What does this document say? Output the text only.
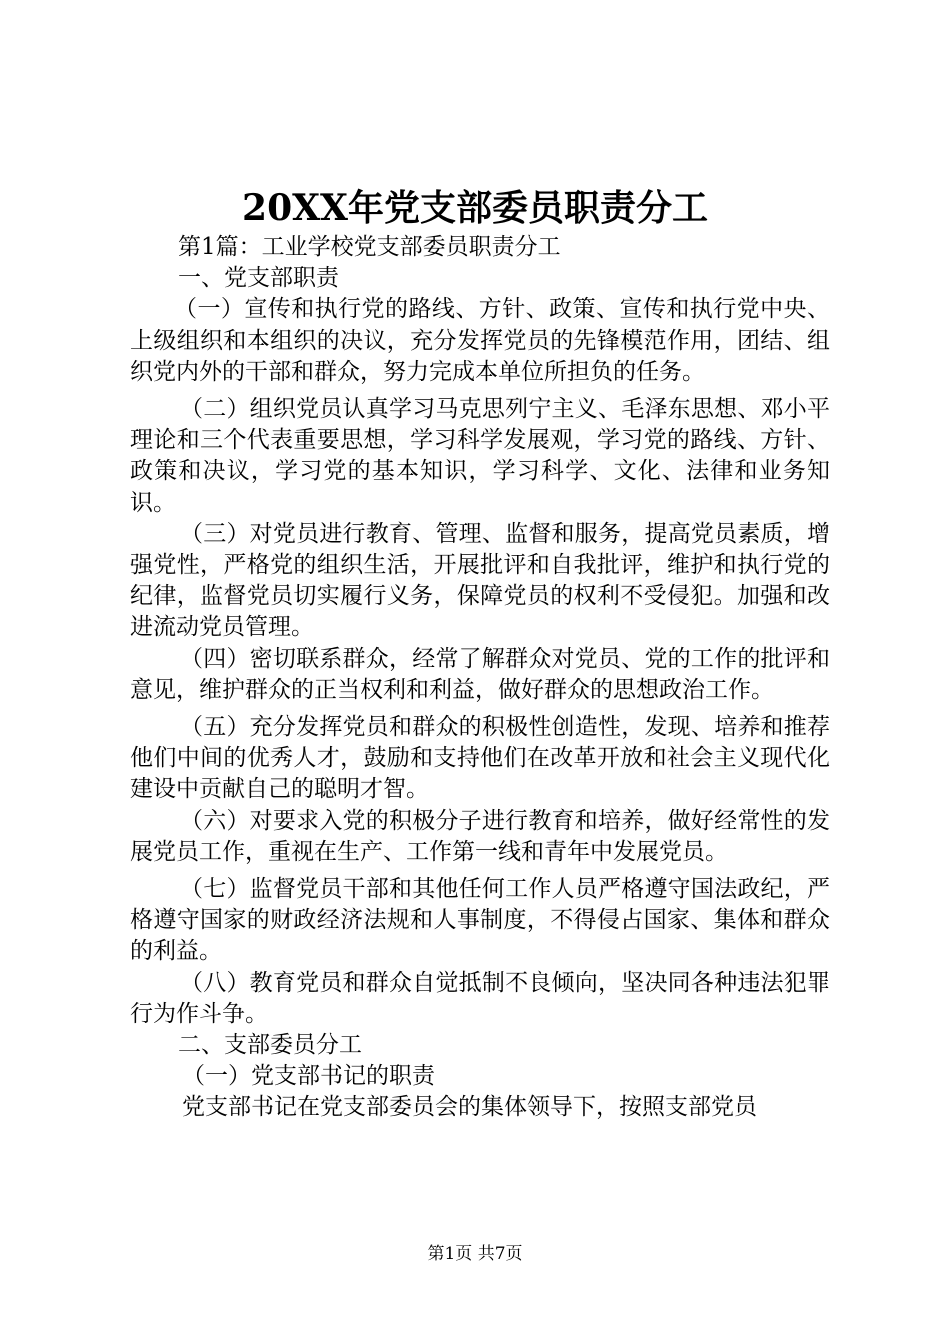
20XX年党支部委员职责分工

第1篇：工业学校党支部委员职责分工

一、党支部职责

（一）宣传和执行党的路线、方针、政策、宣传和执行党中央、上级组织和本组织的决议，充分发挥党员的先锋模范作用，团结、组织党内外的干部和群众，努力完成本单位所担负的任务。

（二）组织党员认真学习马克思列宁主义、毛泽东思想、邓小平理论和三个代表重要思想，学习科学发展观，学习党的路线、方针、政策和决议，学习党的基本知识，学习科学、文化、法律和业务知识。

（三）对党员进行教育、管理、监督和服务，提高党员素质，增强党性，严格党的组织生活，开展批评和自我批评，维护和执行党的纪律，监督党员切实履行义务，保障党员的权利不受侵犯。加强和改进流动党员管理。

（四）密切联系群众，经常了解群众对党员、党的工作的批评和意见，维护群众的正当权利和利益，做好群众的思想政治工作。

（五）充分发挥党员和群众的积极性创造性，发现、培养和推荐他们中间的优秀人才，鼓励和支持他们在改革开放和社会主义现代化建设中贡献自己的聪明才智。

（六）对要求入党的积极分子进行教育和培养，做好经常性的发展党员工作，重视在生产、工作第一线和青年中发展党员。

（七）监督党员干部和其他任何工作人员严格遵守国法政纪，严格遵守国家的财政经济法规和人事制度，不得侵占国家、集体和群众的利益。

（八）教育党员和群众自觉抵制不良倾向，坚决同各种违法犯罪行为作斗争。

二、支部委员分工

（一）党支部书记的职责

党支部书记在党支部委员会的集体领导下，按照支部党员

第1页 共7页
